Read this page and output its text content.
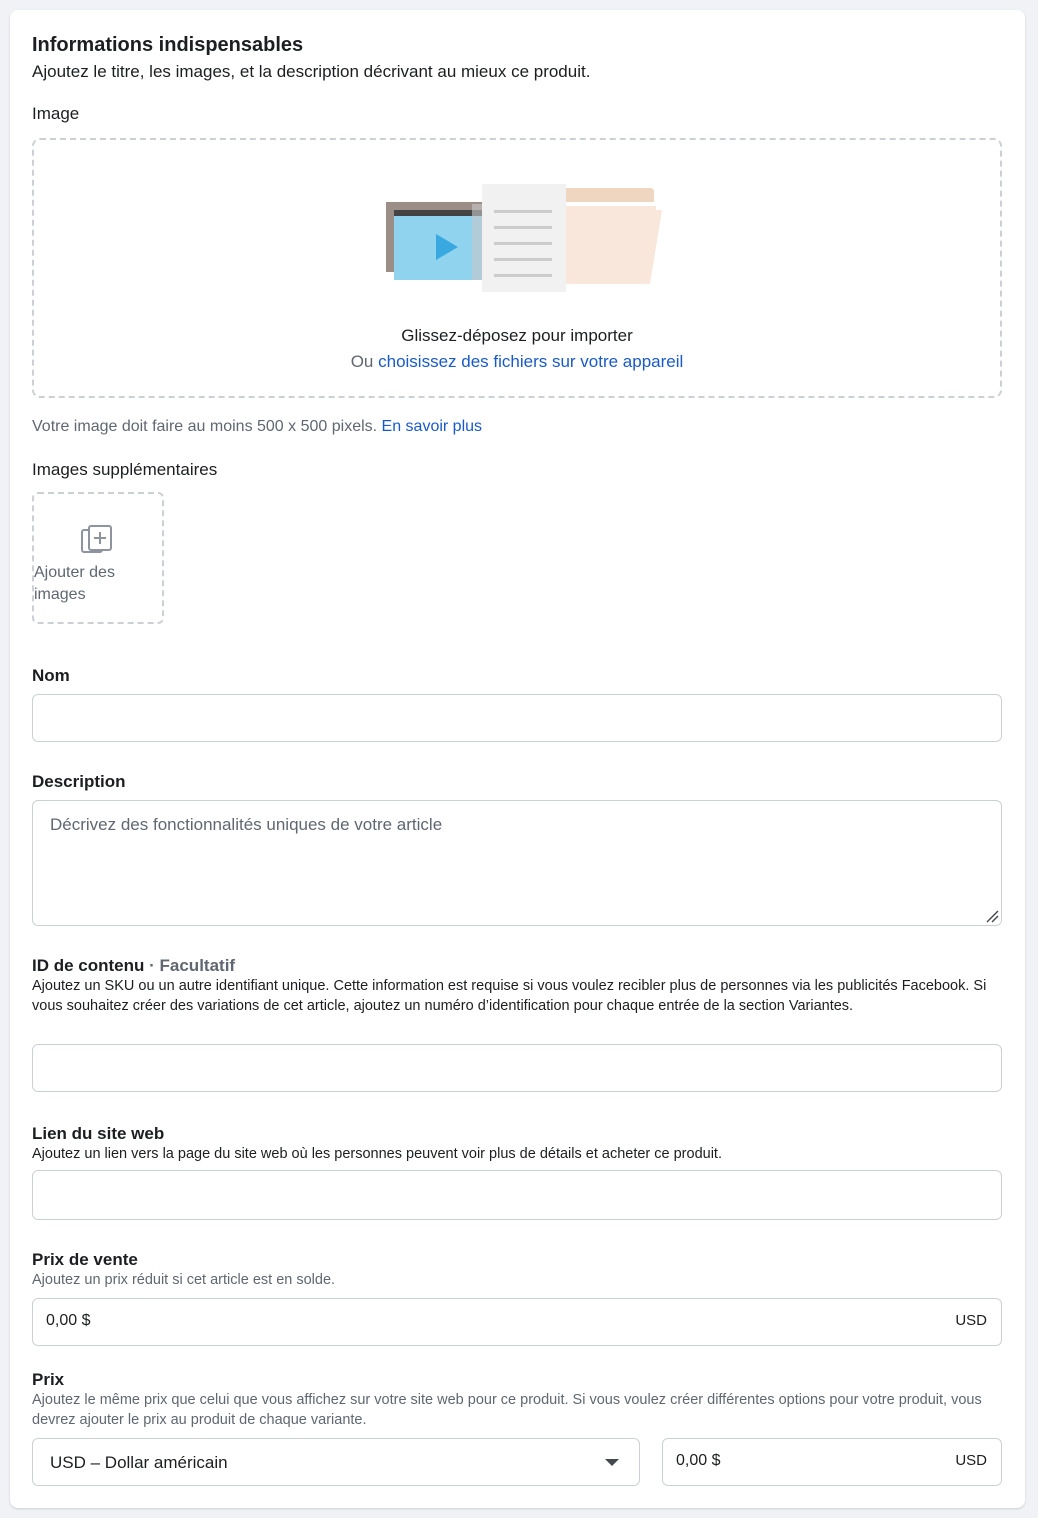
Informations indispensables
Ajoutez le titre, les images, et la description décrivant au mieux ce produit.
Image
Glissez-déposez pour importer
Ou choisissez des fichiers sur votre appareil
Votre image doit faire au moins 500 x 500 pixels. En savoir plus
Images supplémentaires
Ajouter des images
Nom
Description
Décrivez des fonctionnalités uniques de votre article
ID de contenu · Facultatif
Ajoutez un SKU ou un autre identifiant unique. Cette information est requise si vous voulez recibler plus de personnes via les publicités Facebook. Si vous souhaitez créer des variations de cet article, ajoutez un numéro d’identification pour chaque entrée de la section Variantes.
Lien du site web
Ajoutez un lien vers la page du site web où les personnes peuvent voir plus de détails et acheter ce produit.
Prix de vente
Ajoutez un prix réduit si cet article est en solde.
0,00 $	USD
Prix
Ajoutez le même prix que celui que vous affichez sur votre site web pour ce produit. Si vous voulez créer différentes options pour votre produit, vous devrez ajouter le prix au produit de chaque variante.
USD – Dollar américain	0,00 $	USD
